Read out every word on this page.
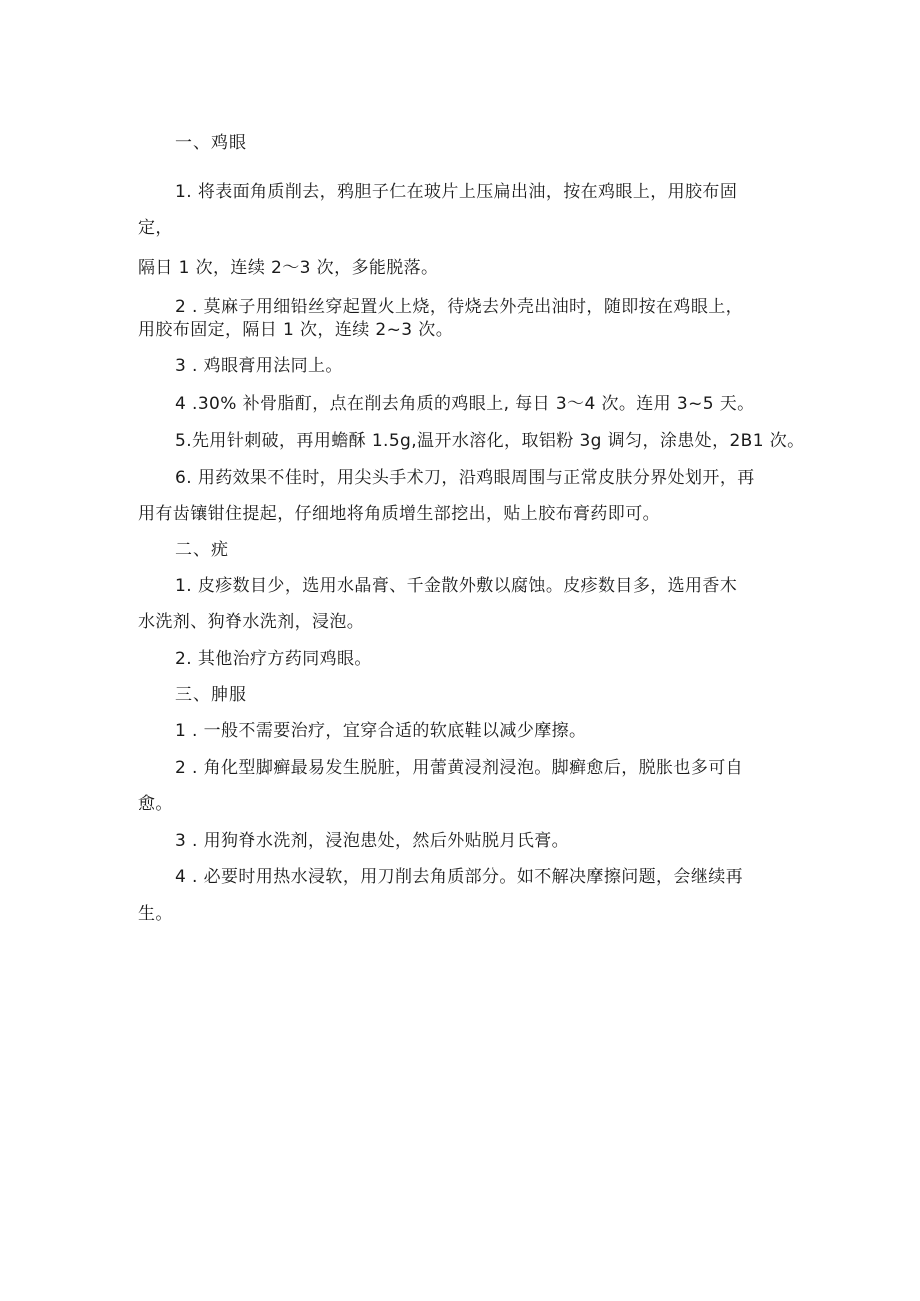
一、鸡眼

1. 将表面角质削去，鸦胆子仁在玻片上压扁出油，按在鸡眼上，用胶布固

定，

隔日 1 次，连续 2～3 次，多能脱落。

2 . 莫麻子用细铅丝穿起置火上烧，待烧去外壳出油时，随即按在鸡眼上，

用胶布固定，隔日 1 次，连续 2~3 次。

3 . 鸡眼膏用法同上。

4 .30% 补骨脂酊，点在削去角质的鸡眼上, 每日 3～4 次。连用 3~5 天。

5.先用针刺破，再用蟾酥 1.5g,温开水溶化，取铝粉 3g 调匀，涂患处，2B1 次。

6. 用药效果不佳时，用尖头手术刀，沿鸡眼周围与正常皮肤分界处划开，再

用有齿镶钳住提起，仔细地将角质增生部挖出，贴上胶布膏药即可。

二、疣

1. 皮疹数目少，选用水晶膏、千金散外敷以腐蚀。皮疹数目多，选用香木

水洗剂、狗脊水洗剂，浸泡。

2. 其他治疗方药同鸡眼。

三、胂服

1 . 一般不需要治疗，宜穿合适的软底鞋以减少摩擦。

2 . 角化型脚癣最易发生脱脏，用蕾黄浸剂浸泡。脚癣愈后，脱胀也多可自

愈。

3 . 用狗脊水洗剂，浸泡患处，然后外贴脱月氏膏。

4 . 必要时用热水浸软，用刀削去角质部分。如不解决摩擦问题，会继续再

生。
